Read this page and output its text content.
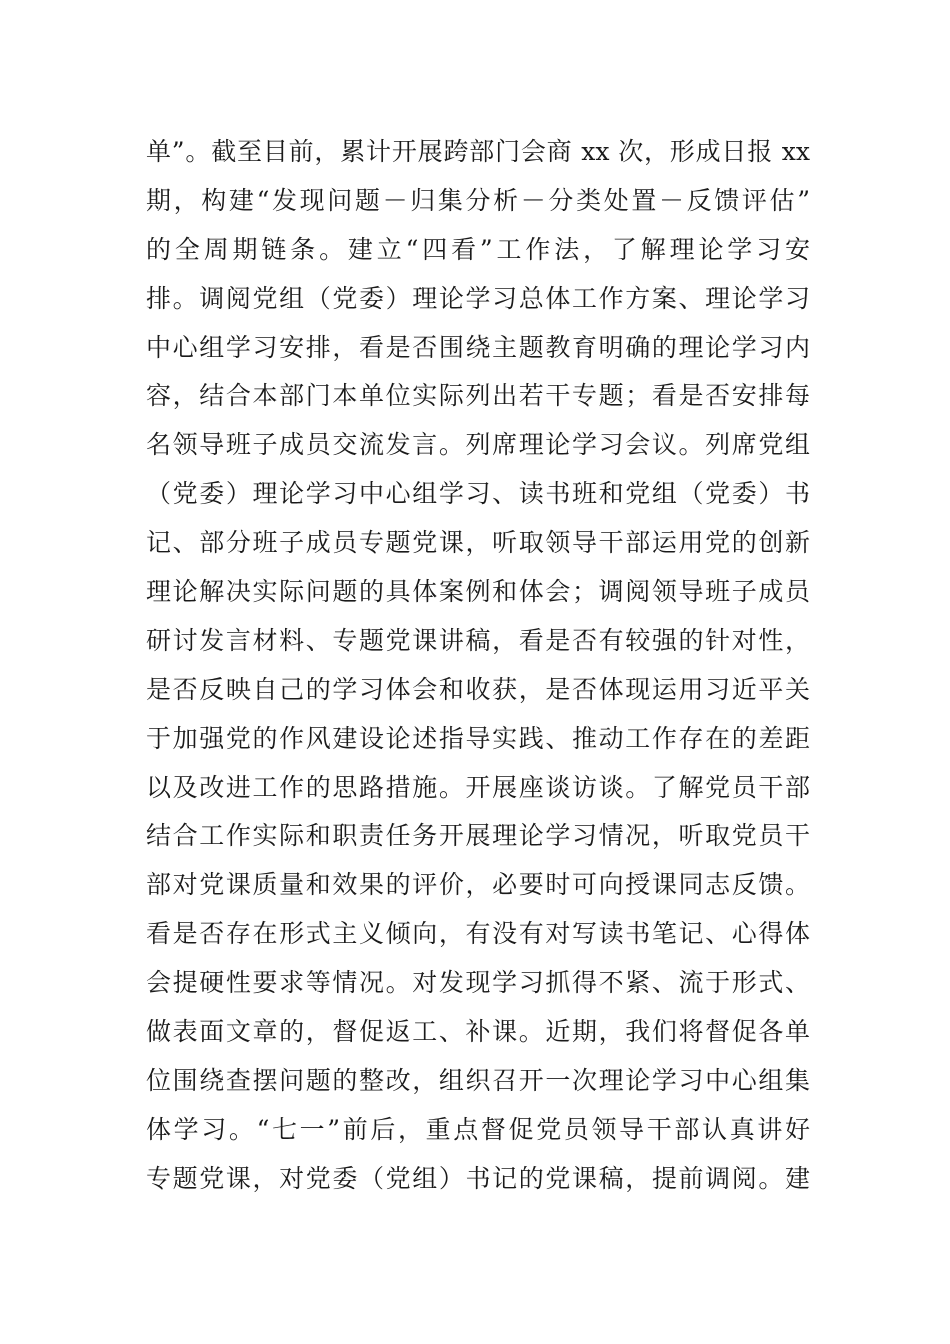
单”。截至目前，累计开展跨部门会商 xx 次，形成日报 xx
期，构建“发现问题－归集分析－分类处置－反馈评估”
的全周期链条。建立“四看”工作法，了解理论学习安
排。调阅党组（党委）理论学习总体工作方案、理论学习
中心组学习安排，看是否围绕主题教育明确的理论学习内
容，结合本部门本单位实际列出若干专题；看是否安排每
名领导班子成员交流发言。列席理论学习会议。列席党组
（党委）理论学习中心组学习、读书班和党组（党委）书
记、部分班子成员专题党课，听取领导干部运用党的创新
理论解决实际问题的具体案例和体会；调阅领导班子成员
研讨发言材料、专题党课讲稿，看是否有较强的针对性，
是否反映自己的学习体会和收获，是否体现运用习近平关
于加强党的作风建设论述指导实践、推动工作存在的差距
以及改进工作的思路措施。开展座谈访谈。了解党员干部
结合工作实际和职责任务开展理论学习情况，听取党员干
部对党课质量和效果的评价，必要时可向授课同志反馈。
看是否存在形式主义倾向，有没有对写读书笔记、心得体
会提硬性要求等情况。对发现学习抓得不紧、流于形式、
做表面文章的，督促返工、补课。近期，我们将督促各单
位围绕查摆问题的整改，组织召开一次理论学习中心组集
体学习。“七一”前后，重点督促党员领导干部认真讲好
专题党课，对党委（党组）书记的党课稿，提前调阅。建
